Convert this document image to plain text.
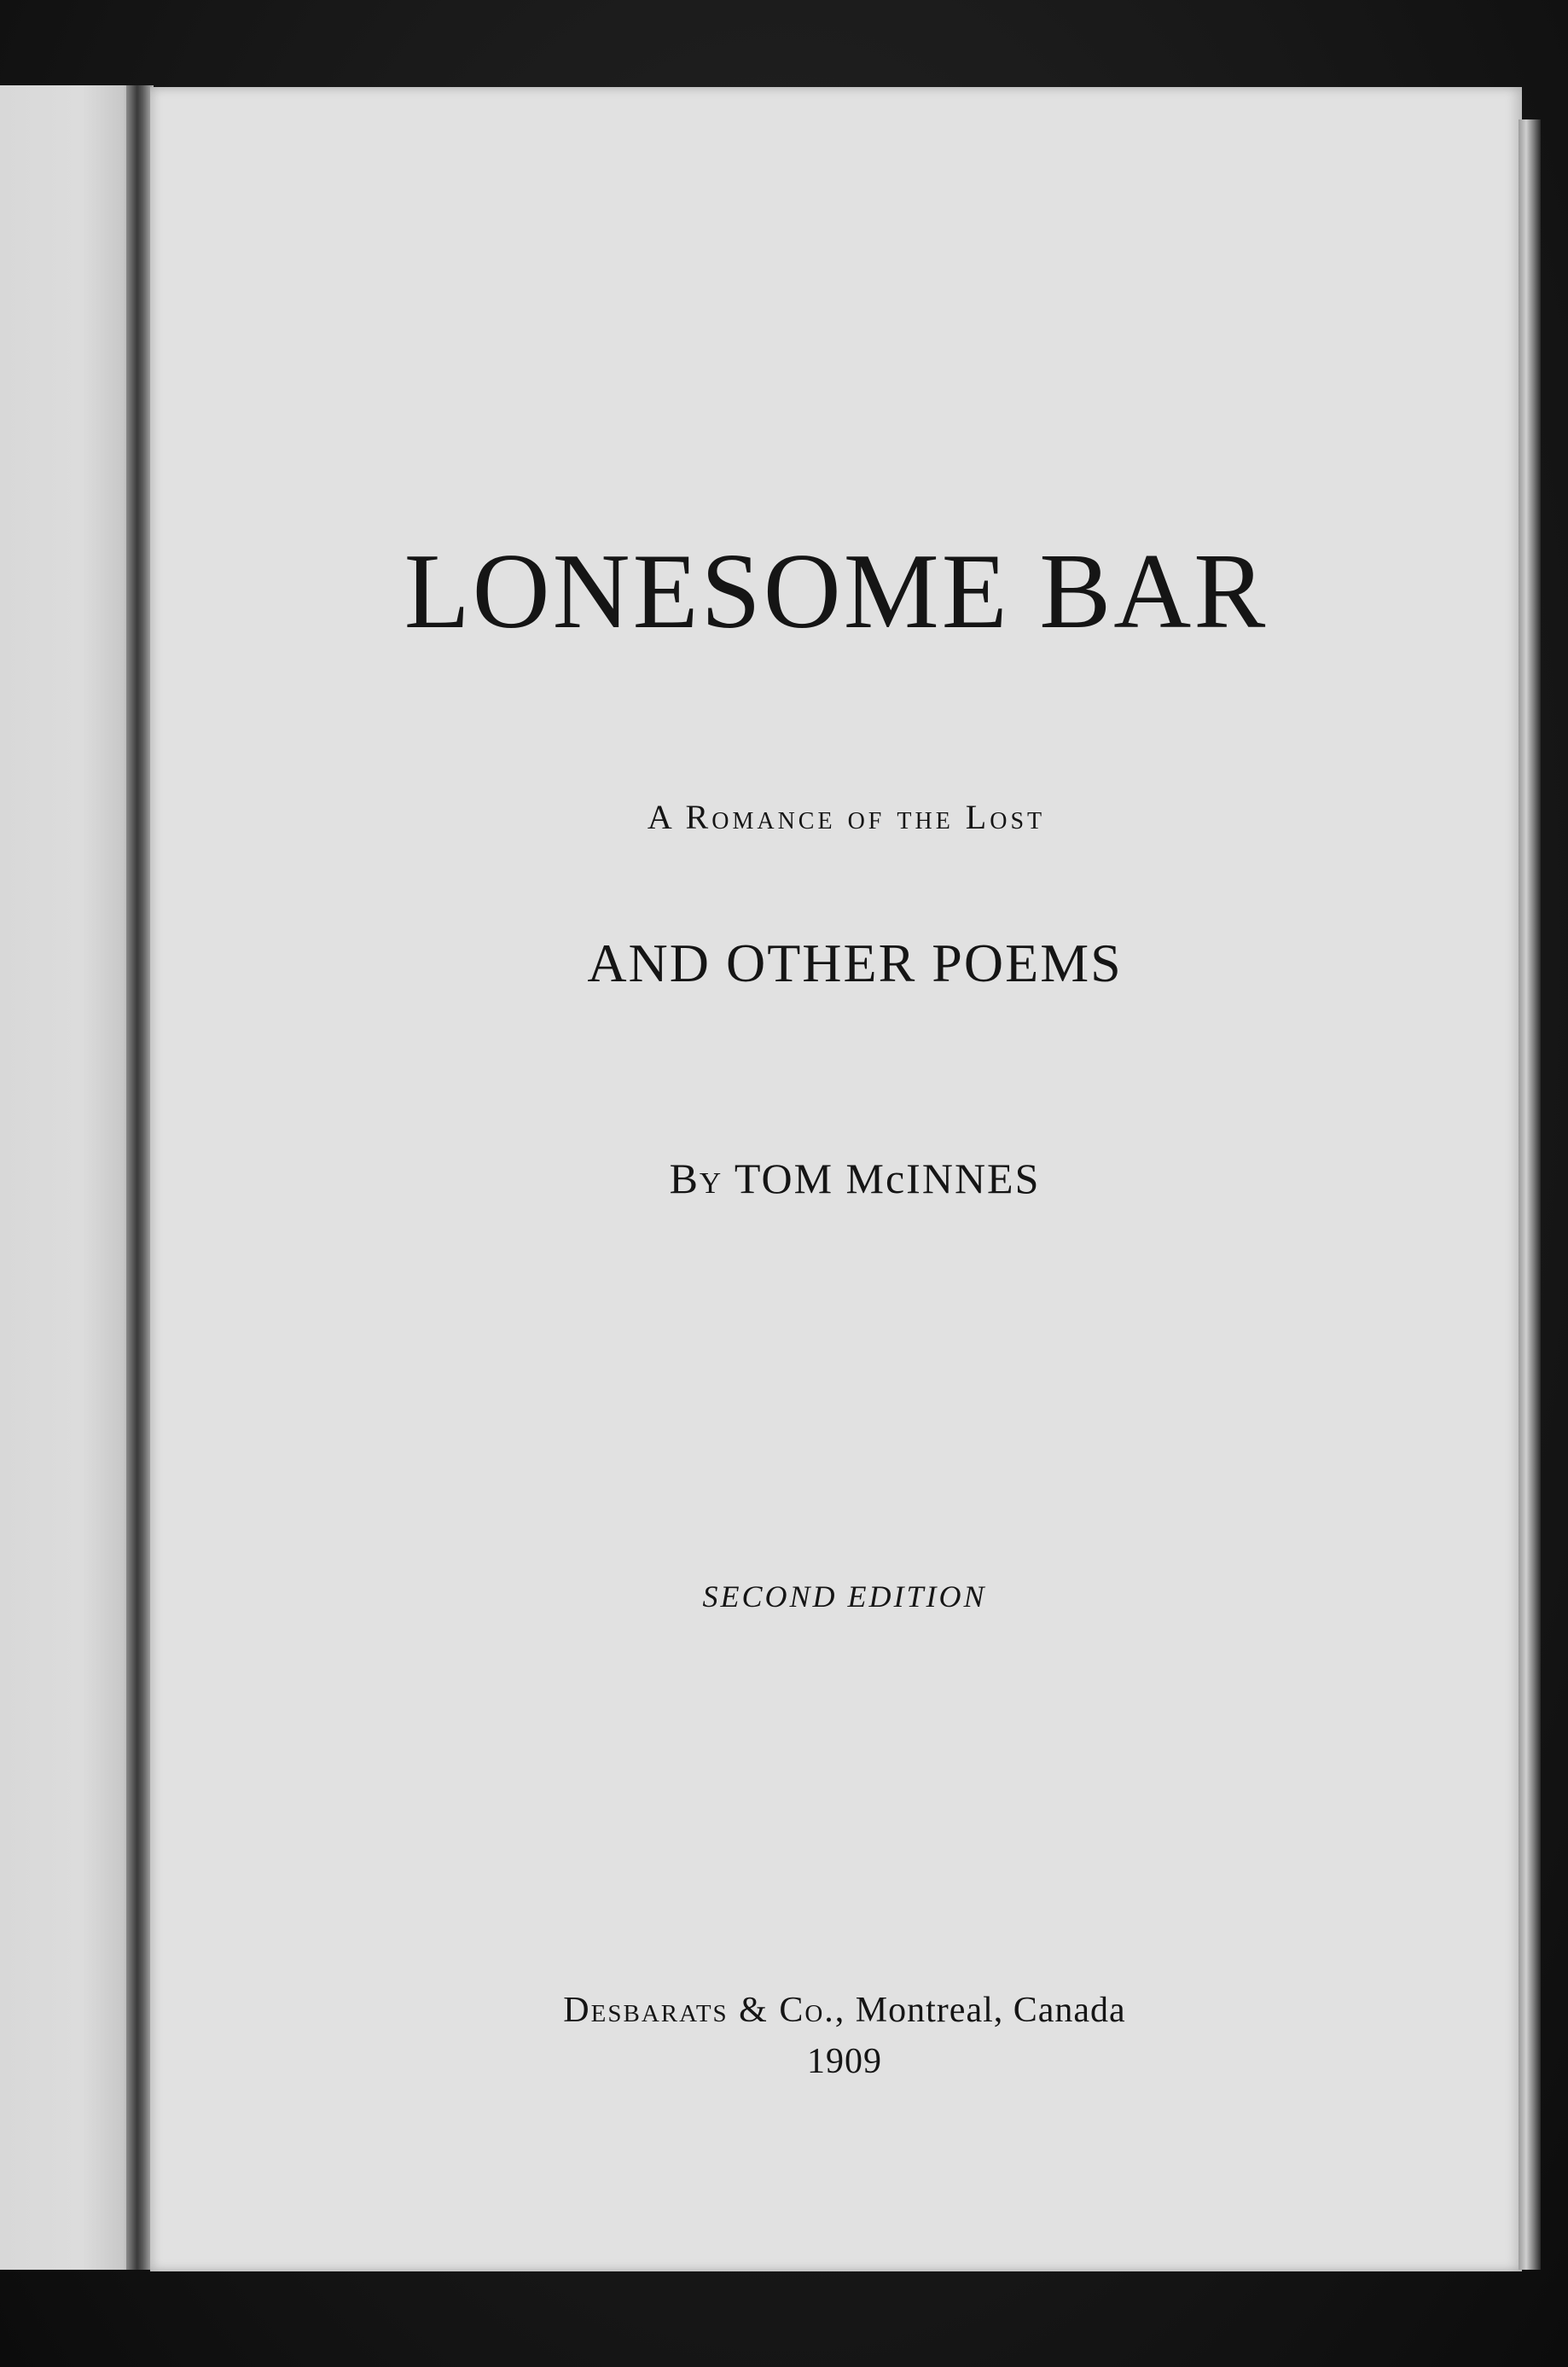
LONESOME BAR
A Romance of the Lost
AND OTHER POEMS
By TOM McINNES
SECOND EDITION
Desbarats & Co., Montreal, Canada
1909
